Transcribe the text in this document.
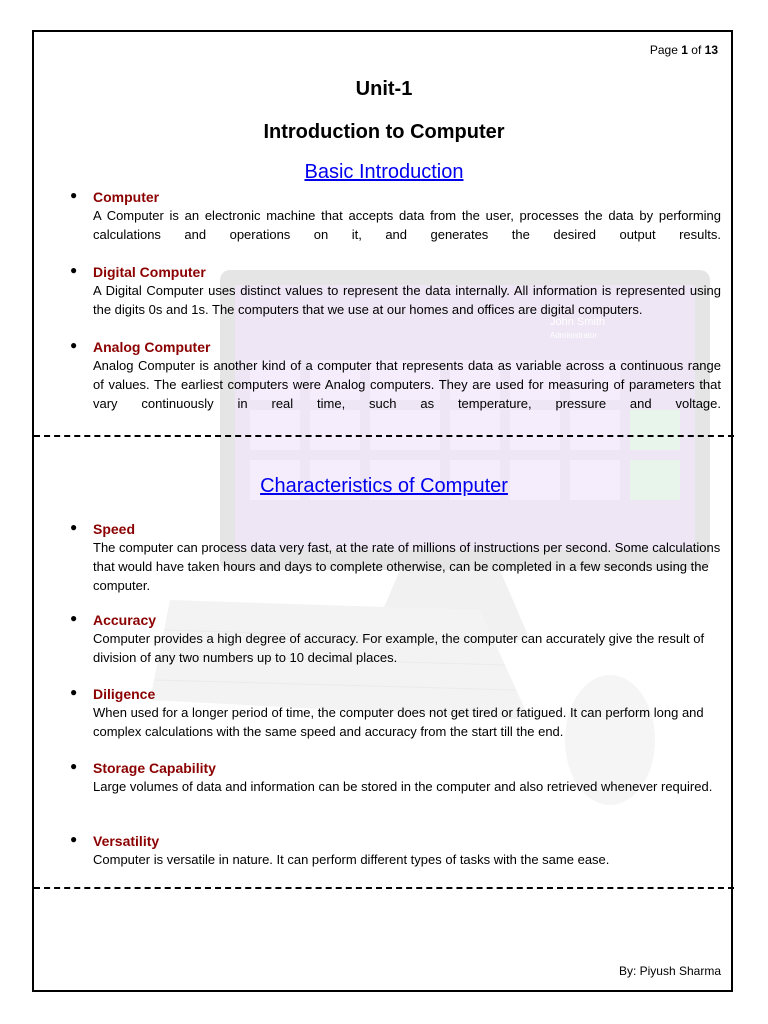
John Smith
Administrator
Page 1 of 13
Unit-1
Introduction to Computer
Basic Introduction
● Computer
A Computer is an electronic machine that accepts data from the user, processes the data by performing calculations and operations on it, and generates the desired output results.
● Digital Computer
A Digital Computer uses distinct values to represent the data internally. All information is represented using the digits 0s and 1s. The computers that we use at our homes and offices are digital computers.
● Analog Computer
Analog Computer is another kind of a computer that represents data as variable across a continuous range of values. The earliest computers were Analog computers. They are used for measuring of parameters that vary continuously in real time, such as temperature, pressure and voltage.
Characteristics of Computer
● Speed
The computer can process data very fast, at the rate of millions of instructions per second. Some calculations that would have taken hours and days to complete otherwise, can be completed in a few seconds using the computer.
● Accuracy
Computer provides a high degree of accuracy. For example, the computer can accurately give the result of division of any two numbers up to 10 decimal places.
● Diligence
When used for a longer period of time, the computer does not get tired or fatigued. It can perform long and complex calculations with the same speed and accuracy from the start till the end.
● Storage Capability
Large volumes of data and information can be stored in the computer and also retrieved whenever required.
● Versatility
Computer is versatile in nature. It can perform different types of tasks with the same ease.
By: Piyush Sharma
